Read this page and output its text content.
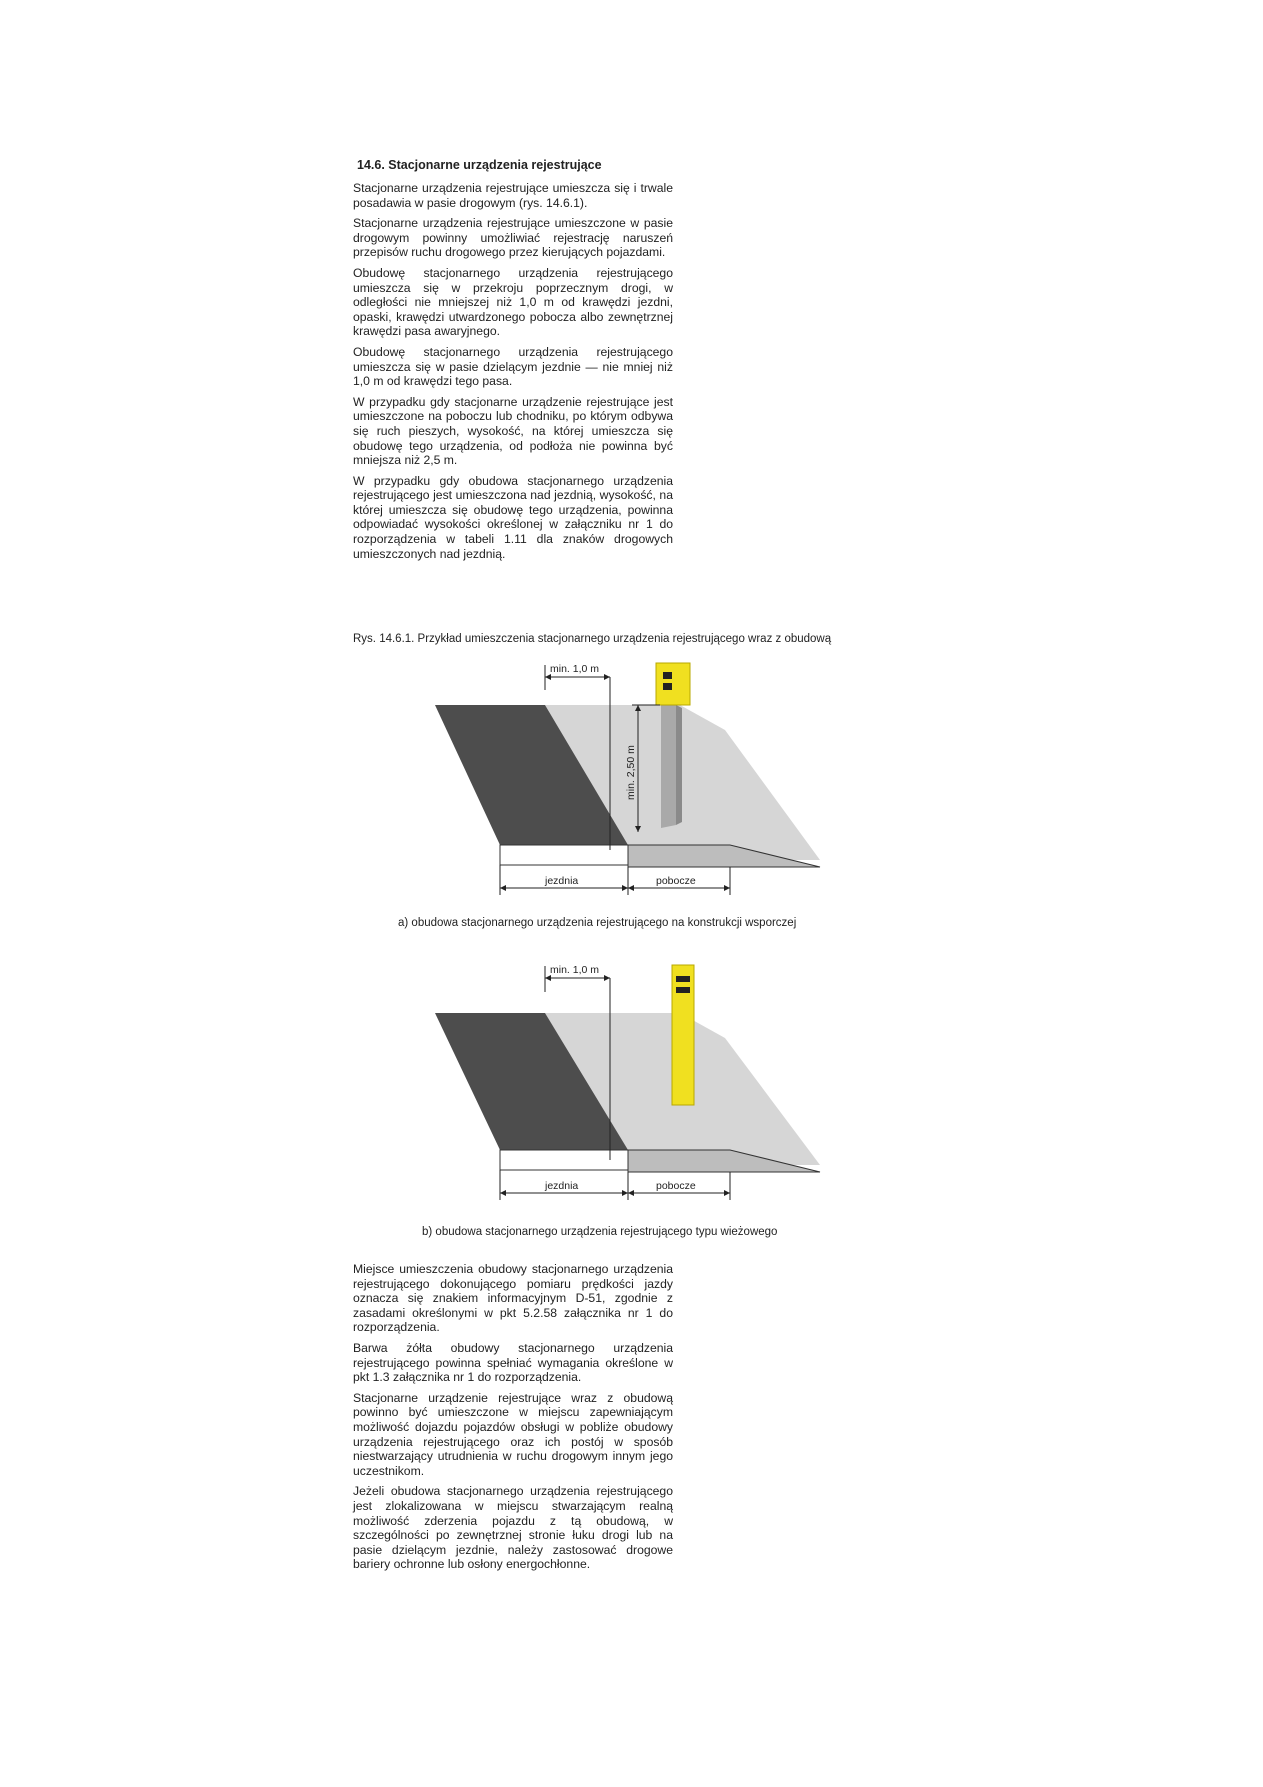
14.6. Stacjonarne urządzenia rejestrujące

Stacjonarne urządzenia rejestrujące umieszcza się i trwale posadawia w pasie drogowym (rys. 14.6.1).

Stacjonarne urządzenia rejestrujące umieszczone w pasie drogowym powinny umożliwiać rejestrację naruszeń przepisów ruchu drogowego przez kierujących pojazdami.

Obudowę stacjonarnego urządzenia rejestrującego umieszcza się w przekroju poprzecznym drogi, w odległości nie mniejszej niż 1,0 m od krawędzi jezdni, opaski, krawędzi utwardzonego pobocza albo zewnętrznej krawędzi pasa awaryjnego.

Obudowę stacjonarnego urządzenia rejestrującego umieszcza się w pasie dzielącym jezdnie — nie mniej niż 1,0 m od krawędzi tego pasa.

W przypadku gdy stacjonarne urządzenie rejestrujące jest umieszczone na poboczu lub chodniku, po którym odbywa się ruch pieszych, wysokość, na której umieszcza się obudowę tego urządzenia, od podłoża nie powinna być mniejsza niż 2,5 m.

W przypadku gdy obudowa stacjonarnego urządzenia rejestrującego jest umieszczona nad jezdnią, wysokość, na której umieszcza się obudowę tego urządzenia, powinna odpowiadać wysokości określonej w załączniku nr 1 do rozporządzenia w tabeli 1.11 dla znaków drogowych umieszczonych nad jezdnią.

Rys. 14.6.1. Przykład umieszczenia stacjonarnego urządzenia rejestrującego wraz z obudową
min. 1,0 m
min. 2,50 m
jezdnia	pobocze
a) obudowa stacjonarnego urządzenia rejestrującego na konstrukcji wsporczej
min. 1,0 m
jezdnia	pobocze
b) obudowa stacjonarnego urządzenia rejestrującego typu wieżowego

Miejsce umieszczenia obudowy stacjonarnego urządzenia rejestrującego dokonującego pomiaru prędkości jazdy oznacza się znakiem informacyjnym D-51, zgodnie z zasadami określonymi w pkt 5.2.58 załącznika nr 1 do rozporządzenia.

Barwa żółta obudowy stacjonarnego urządzenia rejestrującego powinna spełniać wymagania określone w pkt 1.3 załącznika nr 1 do rozporządzenia.

Stacjonarne urządzenie rejestrujące wraz z obudową powinno być umieszczone w miejscu zapewniającym możliwość dojazdu pojazdów obsługi w pobliże obudowy urządzenia rejestrującego oraz ich postój w sposób niestwarzający utrudnienia w ruchu drogowym innym jego uczestnikom.

Jeżeli obudowa stacjonarnego urządzenia rejestrującego jest zlokalizowana w miejscu stwarzającym realną możliwość zderzenia pojazdu z tą obudową, w szczególności po zewnętrznej stronie łuku drogi lub na pasie dzielącym jezdnie, należy zastosować drogowe bariery ochronne lub osłony energochłonne.
